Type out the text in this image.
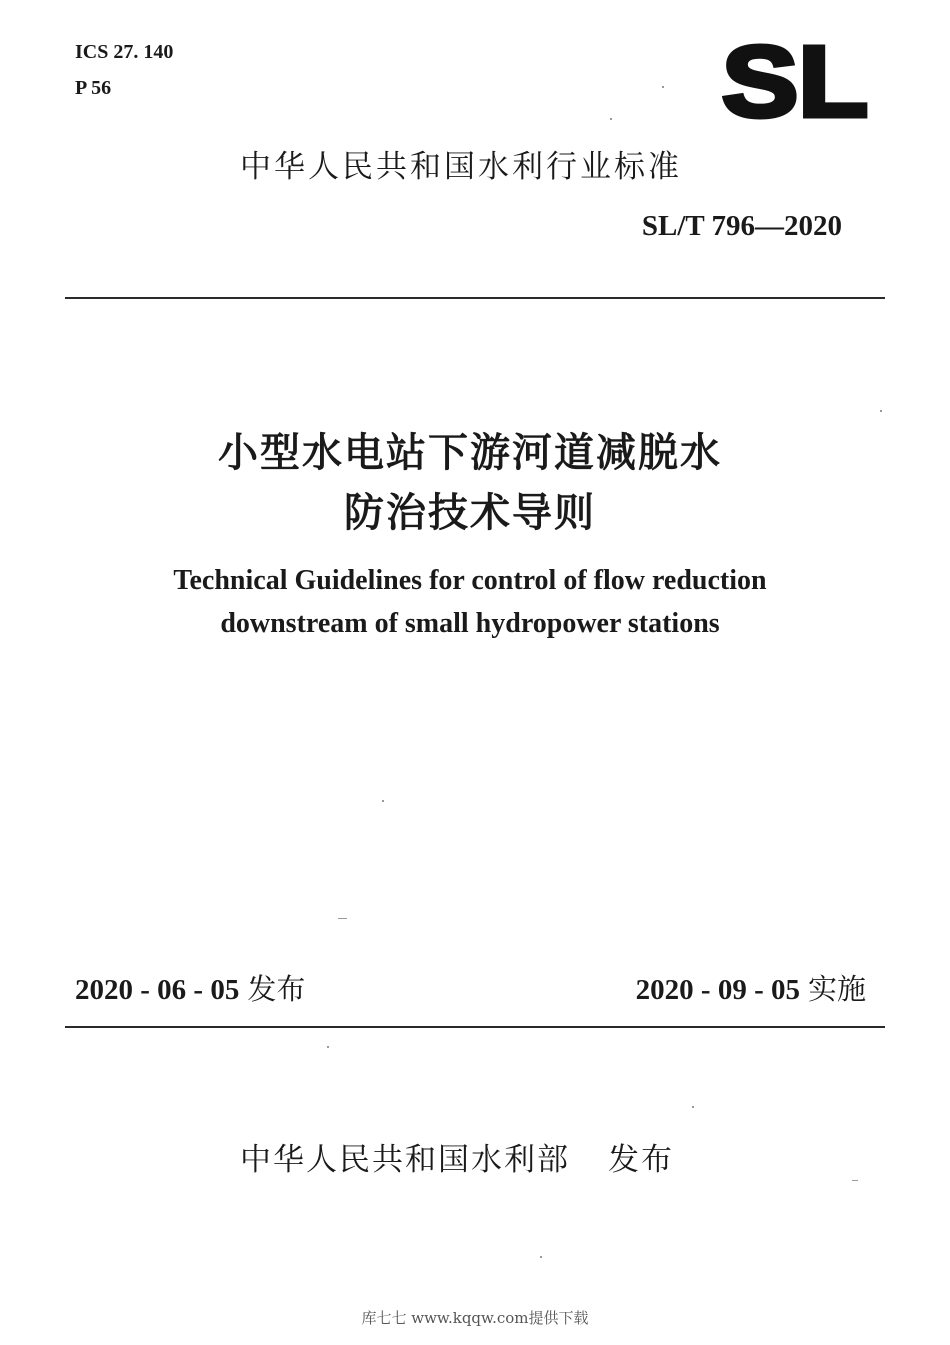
ICS 27. 140
P 56	SL
中华人民共和国水利行业标准
SL/T 796—2020
小型水电站下游河道减脱水
防治技术导则
Technical Guidelines for control of flow reduction
downstream of small hydropower stations
2020 - 06 - 05 发布	2020 - 09 - 05 实施
中华人民共和国水利部 发布
库七七 www.kqqw.com提供下载
